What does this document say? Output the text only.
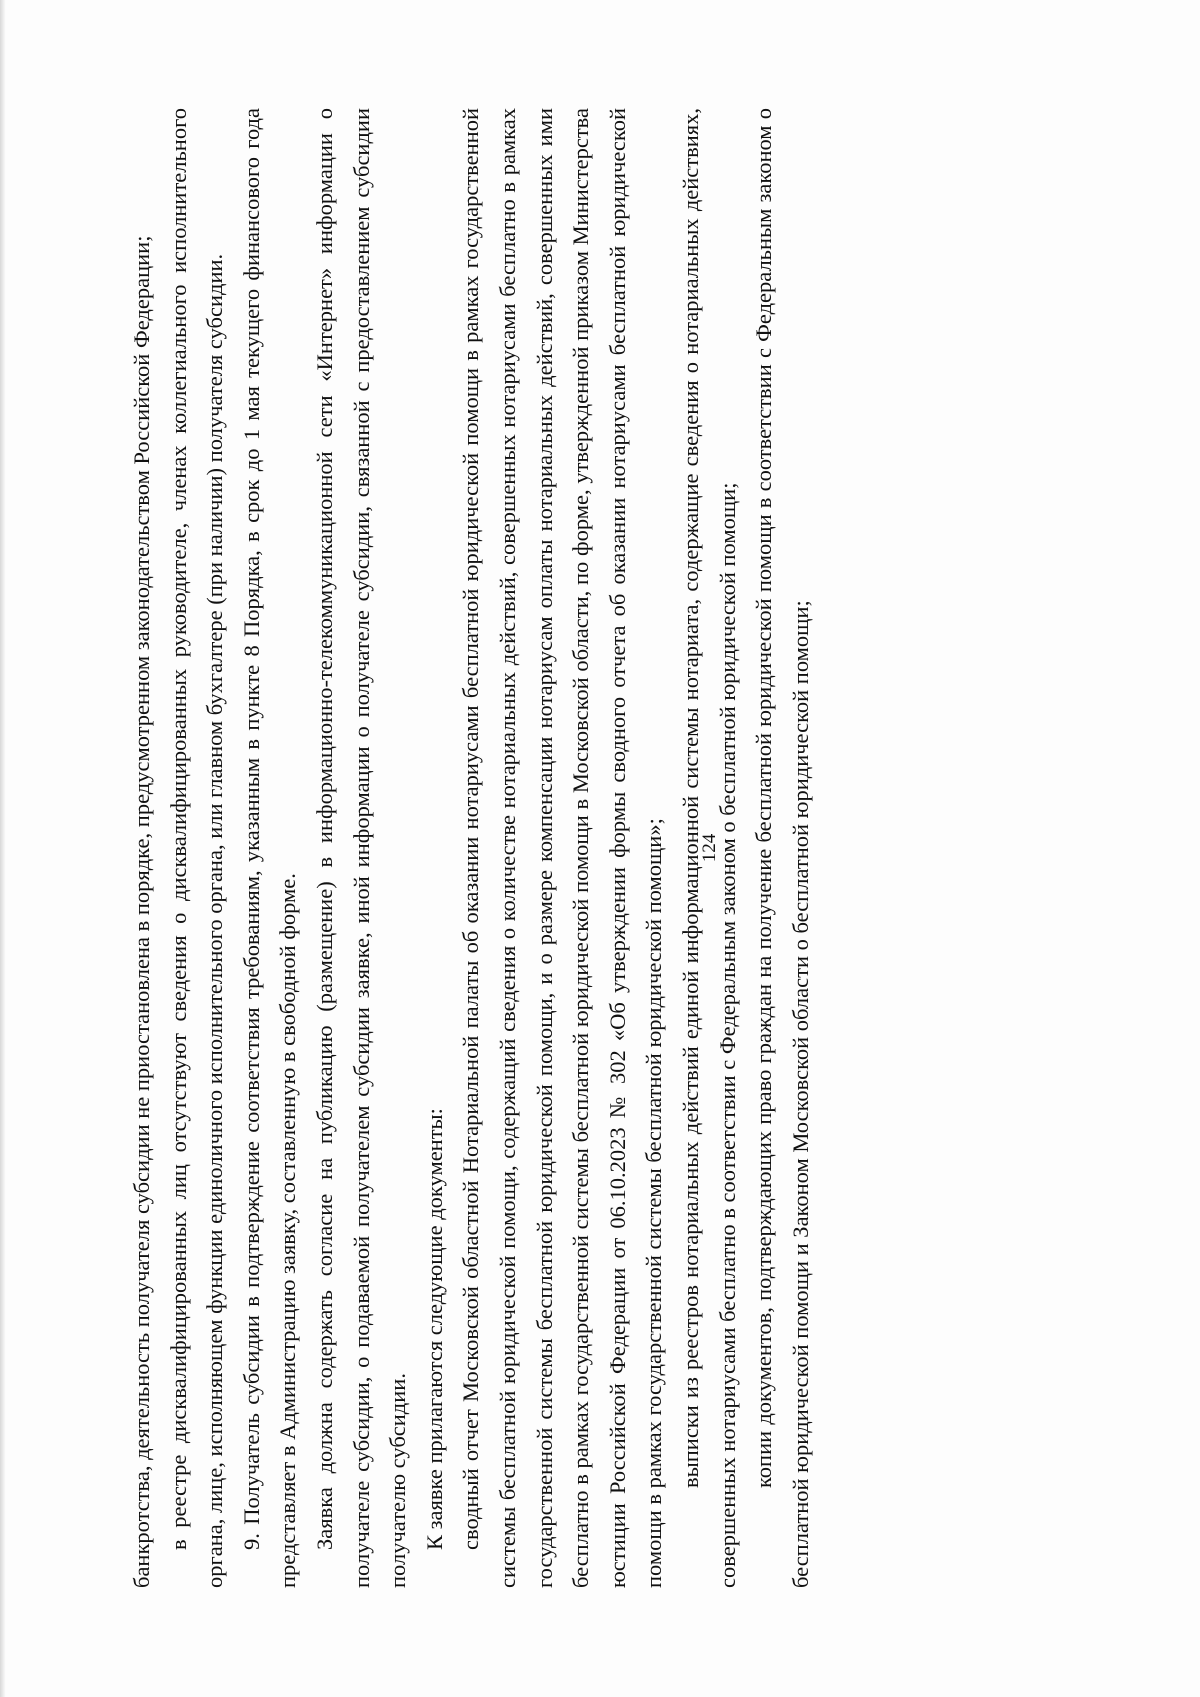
124

банкротства, деятельность получателя субсидии не приостановлена в порядке, предусмотренном законодательством Российской Федерации; в реестре дисквалифицированных лиц отсутствуют сведения о дисквалифицированных руководителе, членах коллегиального исполнительного органа, лице, исполняющем функции единоличного исполнительного органа, или главном бухгалтере (при наличии) получателя субсидии. 9. Получатель субсидии в подтверждение соответствия требованиям, указанным в пункте 8 Порядка, в срок до 1 мая текущего финансового года представляет в Администрацию заявку, составленную в свободной форме. Заявка должна содержать согласие на публикацию (размещение) в информационно-телекоммуникационной сети «Интернет» информации о получателе субсидии, о подаваемой получателем субсидии заявке, иной информации о получателе субсидии, связанной с предоставлением субсидии получателю субсидии. К заявке прилагаются следующие документы: сводный отчет Московской областной Нотариальной палаты об оказании нотариусами бесплатной юридической помощи в рамках государственной системы бесплатной юридической помощи, содержащий сведения о количестве нотариальных действий, совершенных нотариусами бесплатно в рамках государственной системы бесплатной юридической помощи, и о размере компенсации нотариусам оплаты нотариальных действий, совершенных ими бесплатно в рамках государственной системы бесплатной юридической помощи в Московской области, по форме, утвержденной приказом Министерства юстиции Российской Федерации от 06.10.2023 № 302 «Об утверждении формы сводного отчета об оказании нотариусами бесплатной юридической помощи в рамках государственной системы бесплатной юридической помощи»; выписки из реестров нотариальных действий единой информационной системы нотариата, содержащие сведения о нотариальных действиях, совершенных нотариусами бесплатно в соответствии с Федеральным законом о бесплатной юридической помощи; копии документов, подтверждающих право граждан на получение бесплатной юридической помощи в соответствии с Федеральным законом о бесплатной юридической помощи и Законом Московской области о бесплатной юридической помощи;
